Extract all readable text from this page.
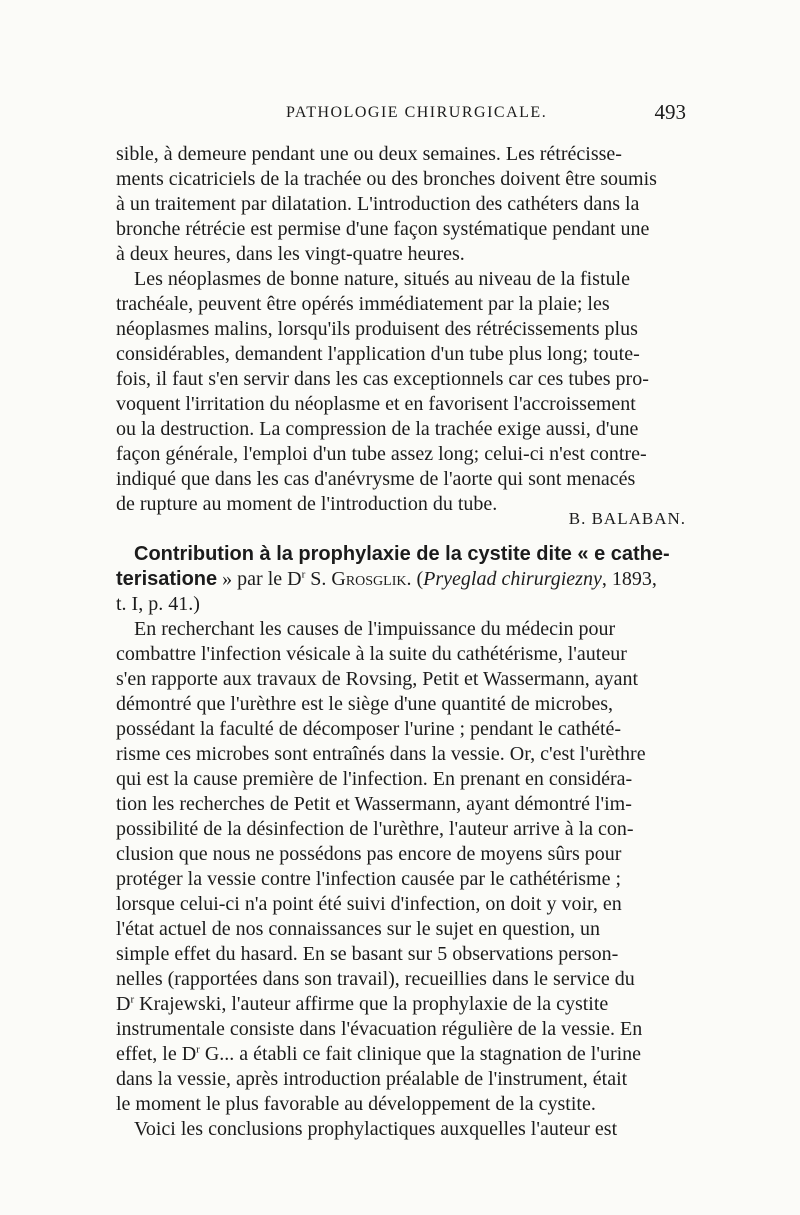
PATHOLOGIE CHIRURGICALE.	493
sible, à demeure pendant une ou deux semaines. Les rétrécisse-
ments cicatriciels de la trachée ou des bronches doivent être soumis
à un traitement par dilatation. L'introduction des cathéters dans la
bronche rétrécie est permise d'une façon systématique pendant une
à deux heures, dans les vingt-quatre heures.
Les néoplasmes de bonne nature, situés au niveau de la fistule
trachéale, peuvent être opérés immédiatement par la plaie; les
néoplasmes malins, lorsqu'ils produisent des rétrécissements plus
considérables, demandent l'application d'un tube plus long; toute-
fois, il faut s'en servir dans les cas exceptionnels car ces tubes pro-
voquent l'irritation du néoplasme et en favorisent l'accroissement
ou la destruction. La compression de la trachée exige aussi, d'une
façon générale, l'emploi d'un tube assez long; celui-ci n'est contre-
indiqué que dans les cas d'anévrysme de l'aorte qui sont menacés
de rupture au moment de l'introduction du tube.
B. BALABAN.
Contribution à la prophylaxie de la cystite dite « e cathe-
terisatione » par le $D^r$ S. Grosglik. (Pryeglad chirurgiezny, 1893,
t. I, p. 41.)
En recherchant les causes de l'impuissance du médecin pour
combattre l'infection vésicale à la suite du cathétérisme, l'auteur
s'en rapporte aux travaux de Rovsing, Petit et Wassermann, ayant
démontré que l'urèthre est le siège d'une quantité de microbes,
possédant la faculté de décomposer l'urine ; pendant le cathété-
risme ces microbes sont entraînés dans la vessie. Or, c'est l'urèthre
qui est la cause première de l'infection. En prenant en considéra-
tion les recherches de Petit et Wassermann, ayant démontré l'im-
possibilité de la désinfection de l'urèthre, l'auteur arrive à la con-
clusion que nous ne possédons pas encore de moyens sûrs pour
protéger la vessie contre l'infection causée par le cathétérisme ;
lorsque celui-ci n'a point été suivi d'infection, on doit y voir, en
l'état actuel de nos connaissances sur le sujet en question, un
simple effet du hasard. En se basant sur 5 observations person-
nelles (rapportées dans son travail), recueillies dans le service du
$D^r$ Krajewski, l'auteur affirme que la prophylaxie de la cystite
instrumentale consiste dans l'évacuation régulière de la vessie. En
effet, le $D^r$ G... a établi ce fait clinique que la stagnation de l'urine
dans la vessie, après introduction préalable de l'instrument, était
le moment le plus favorable au développement de la cystite.
Voici les conclusions prophylactiques auxquelles l'auteur est
